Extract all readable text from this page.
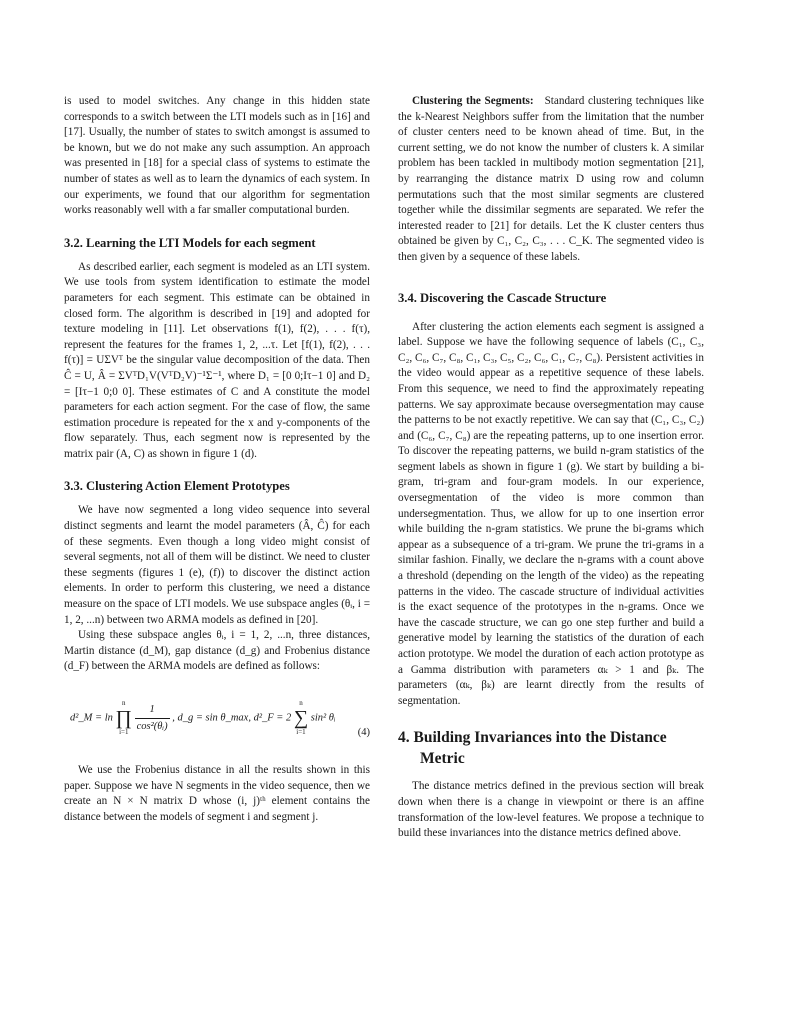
is used to model switches. Any change in this hidden state corresponds to a switch between the LTI models such as in [16] and [17]. Usually, the number of states to switch amongst is assumed to be known, but we do not make any such assumption. An approach was presented in [18] for a special class of systems to estimate the number of states as well as to learn the dynamics of each system. In our experiments, we found that our algorithm for segmentation works reasonably well with a far smaller computational burden.

3.2. Learning the LTI Models for each segment

As described earlier, each segment is modeled as an LTI system. We use tools from system identification to estimate the model parameters for each segment. This estimate can be obtained in closed form. The algorithm is described in [19] and adopted for texture modeling in [11]. Let observations f(1), f(2), . . . f(τ), represent the features for the frames 1, 2, ...τ. Let [f(1), f(2), . . . f(τ)] = UΣVᵀ be the singular value decomposition of the data. Then Ĉ = U, Â = ΣVᵀD₁V(VᵀD₂V)⁻¹Σ⁻¹, where D₁ = [0 0;Iτ−1 0] and D₂ = [Iτ−1 0;0 0]. These estimates of C and A constitute the model parameters for each action segment. For the case of flow, the same estimation procedure is repeated for the x and y-components of the flow separately. Thus, each segment now is represented by the matrix pair (A, C) as shown in figure 1 (d).

3.3. Clustering Action Element Prototypes

We have now segmented a long video sequence into several distinct segments and learnt the model parameters (Â, Ĉ) for each of these segments. Even though a long video might consist of several segments, not all of them will be distinct. We need to cluster these segments (figures 1 (e), (f)) to discover the distinct action elements. In order to perform this clustering, we need a distance measure on the space of LTI models. We use subspace angles (θᵢ, i = 1, 2, ...n) between two ARMA models as defined in [20].

Using these subspace angles θᵢ, i = 1, 2, ...n, three distances, Martin distance (d_M), gap distance (d_g) and Frobenius distance (d_F) between the ARMA models are defined as follows:

d²_M = ln
n
∏
i=1
$\frac{1}{\text{cos²(θᵢ)}}$ , d_g = sin θ_max, d²_F = 2
n
∑
i=1
sin² θᵢ
(4)

We use the Frobenius distance in all the results shown in this paper. Suppose we have N segments in the video sequence, then we create an N × N matrix D whose (i, j)ᵗʰ element contains the distance between the models of segment i and segment j.

Clustering the Segments: Standard clustering techniques like the k-Nearest Neighbors suffer from the limitation that the number of cluster centers need to be known ahead of time. But, in the current setting, we do not know the number of clusters k. A similar problem has been tackled in multibody motion segmentation [21], by rearranging the distance matrix D using row and column permutations such that the most similar segments are clustered together while the dissimilar segments are separated. We refer the interested reader to [21] for details. Let the K cluster centers thus obtained be given by C₁, C₂, C₃, . . . C_K. The segmented video is then given by a sequence of these labels.

3.4. Discovering the Cascade Structure

After clustering the action elements each segment is assigned a label. Suppose we have the following sequence of labels (C₁, C₃, C₂, C₆, C₇, C₈, C₁, C₃, C₅, C₂, C₆, C₁, C₇, C₈). Persistent activities in the video would appear as a repetitive sequence of these labels. From this sequence, we need to find the approximately repeating patterns. We say approximate because oversegmentation may cause the patterns to be not exactly repetitive. We can say that (C₁, C₃, C₂) and (C₆, C₇, C₈) are the repeating patterns, up to one insertion error. To discover the repeating patterns, we build n-gram statistics of the segment labels as shown in figure 1 (g). We start by building a bi-gram, tri-gram and four-gram models. In our experience, oversegmentation of the video is more common than undersegmentation. Thus, we allow for up to one insertion error while building the n-gram statistics. We prune the bi-grams which appear as a subsequence of a tri-gram. We prune the tri-grams in a similar fashion. Finally, we declare the n-grams with a count above a threshold (depending on the length of the video) as the repeating patterns in the video. The cascade structure of individual activities is the exact sequence of the prototypes in the n-grams. Once we have the cascade structure, we can go one step further and build a generative model by learning the statistics of the duration of each action prototype. We model the duration of each action prototype as a Gamma distribution with parameters αₖ > 1 and βₖ. The parameters (αₖ, βₖ) are learnt directly from the results of segmentation.

4. Building Invariances into the Distance Metric

The distance metrics defined in the previous section will break down when there is a change in viewpoint or there is an affine transformation of the low-level features. We propose a technique to build these invariances into the distance metrics defined above.
